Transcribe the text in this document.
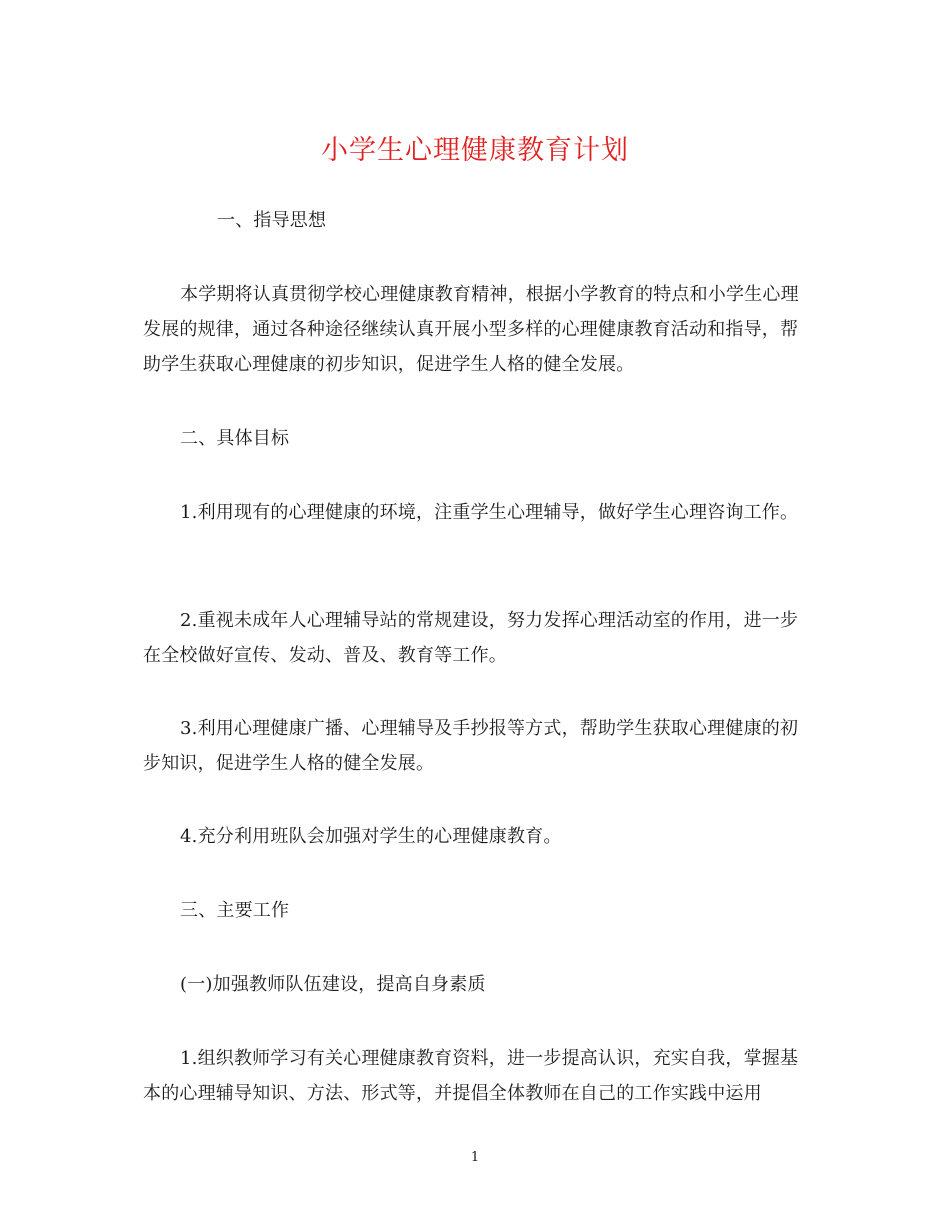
小学生心理健康教育计划

一、指导思想

本学期将认真贯彻学校心理健康教育精神，根据小学教育的特点和小学生心理发展的规律，通过各种途径继续认真开展小型多样的心理健康教育活动和指导，帮助学生获取心理健康的初步知识，促进学生人格的健全发展。

二、具体目标

1.利用现有的心理健康的环境，注重学生心理辅导，做好学生心理咨询工作。

2.重视未成年人心理辅导站的常规建设，努力发挥心理活动室的作用，进一步在全校做好宣传、发动、普及、教育等工作。

3.利用心理健康广播、心理辅导及手抄报等方式，帮助学生获取心理健康的初步知识，促进学生人格的健全发展。

4.充分利用班队会加强对学生的心理健康教育。

三、主要工作

(一)加强教师队伍建设，提高自身素质

1.组织教师学习有关心理健康教育资料，进一步提高认识，充实自我，掌握基本的心理辅导知识、方法、形式等，并提倡全体教师在自己的工作实践中运用

1
